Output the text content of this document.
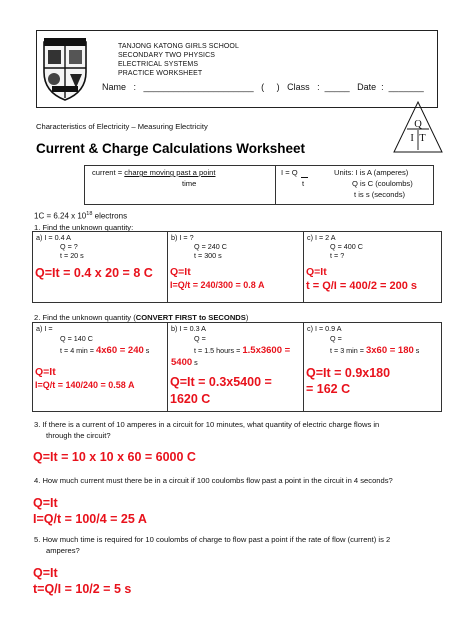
TANJONG KATONG GIRLS SCHOOL
SECONDARY TWO PHYSICS
ELECTRICAL SYSTEMS
PRACTICE WORKSHEET
Name   :   ______________________   (     )   Class   :  _____   Date  :  _______
Characteristics of Electricity – Measuring Electricity	Q
I T
Current & Charge Calculations Worksheet
current = charge moving past a point
time
I = Q
t
Units: I is A (amperes)
Q is C (coulombs)
t is s (seconds)
1C = 6.24 x $10^{18}$ electrons
1. Find the unknown quantity:
a) I = 0.4 A
Q = ?
t = 20 s
Q=It = 0.4 x 20 = 8 C
b) I = ?
Q = 240 C
t = 300 s
Q=It
I=Q/t = 240/300 = 0.8 A
c) I = 2 A
Q = 400 C
t = ?
Q=It
t = Q/I = 400/2 = 200 s
2. Find the unknown quantity (CONVERT FIRST to SECONDS)
a) I =
Q = 140 C
t = 4 min = 4x60 = 240 s
Q=It
I=Q/t = 140/240 = 0.58 A
b) I = 0.3 A
Q =
t = 1.5 hours = 1.5x3600 =
5400 s
Q=It = 0.3x5400 =
1620 C
c) I = 0.9 A
Q =
t = 3 min = 3x60 = 180 s
Q=It = 0.9x180
= 162 C
3. If there is a current of 10 amperes in a circuit for 10 minutes, what quantity of electric charge flows in
through the circuit?
Q=It = 10 x 10 x 60 = 6000 C
4. How much current must there be in a circuit if 100 coulombs flow past a point in the circuit in 4 seconds?
Q=It
I=Q/t = 100/4 = 25 A
5. How much time is required for 10 coulombs of charge to flow past a point if the rate of flow (current) is 2
amperes?
Q=It
t=Q/I = 10/2 = 5 s
